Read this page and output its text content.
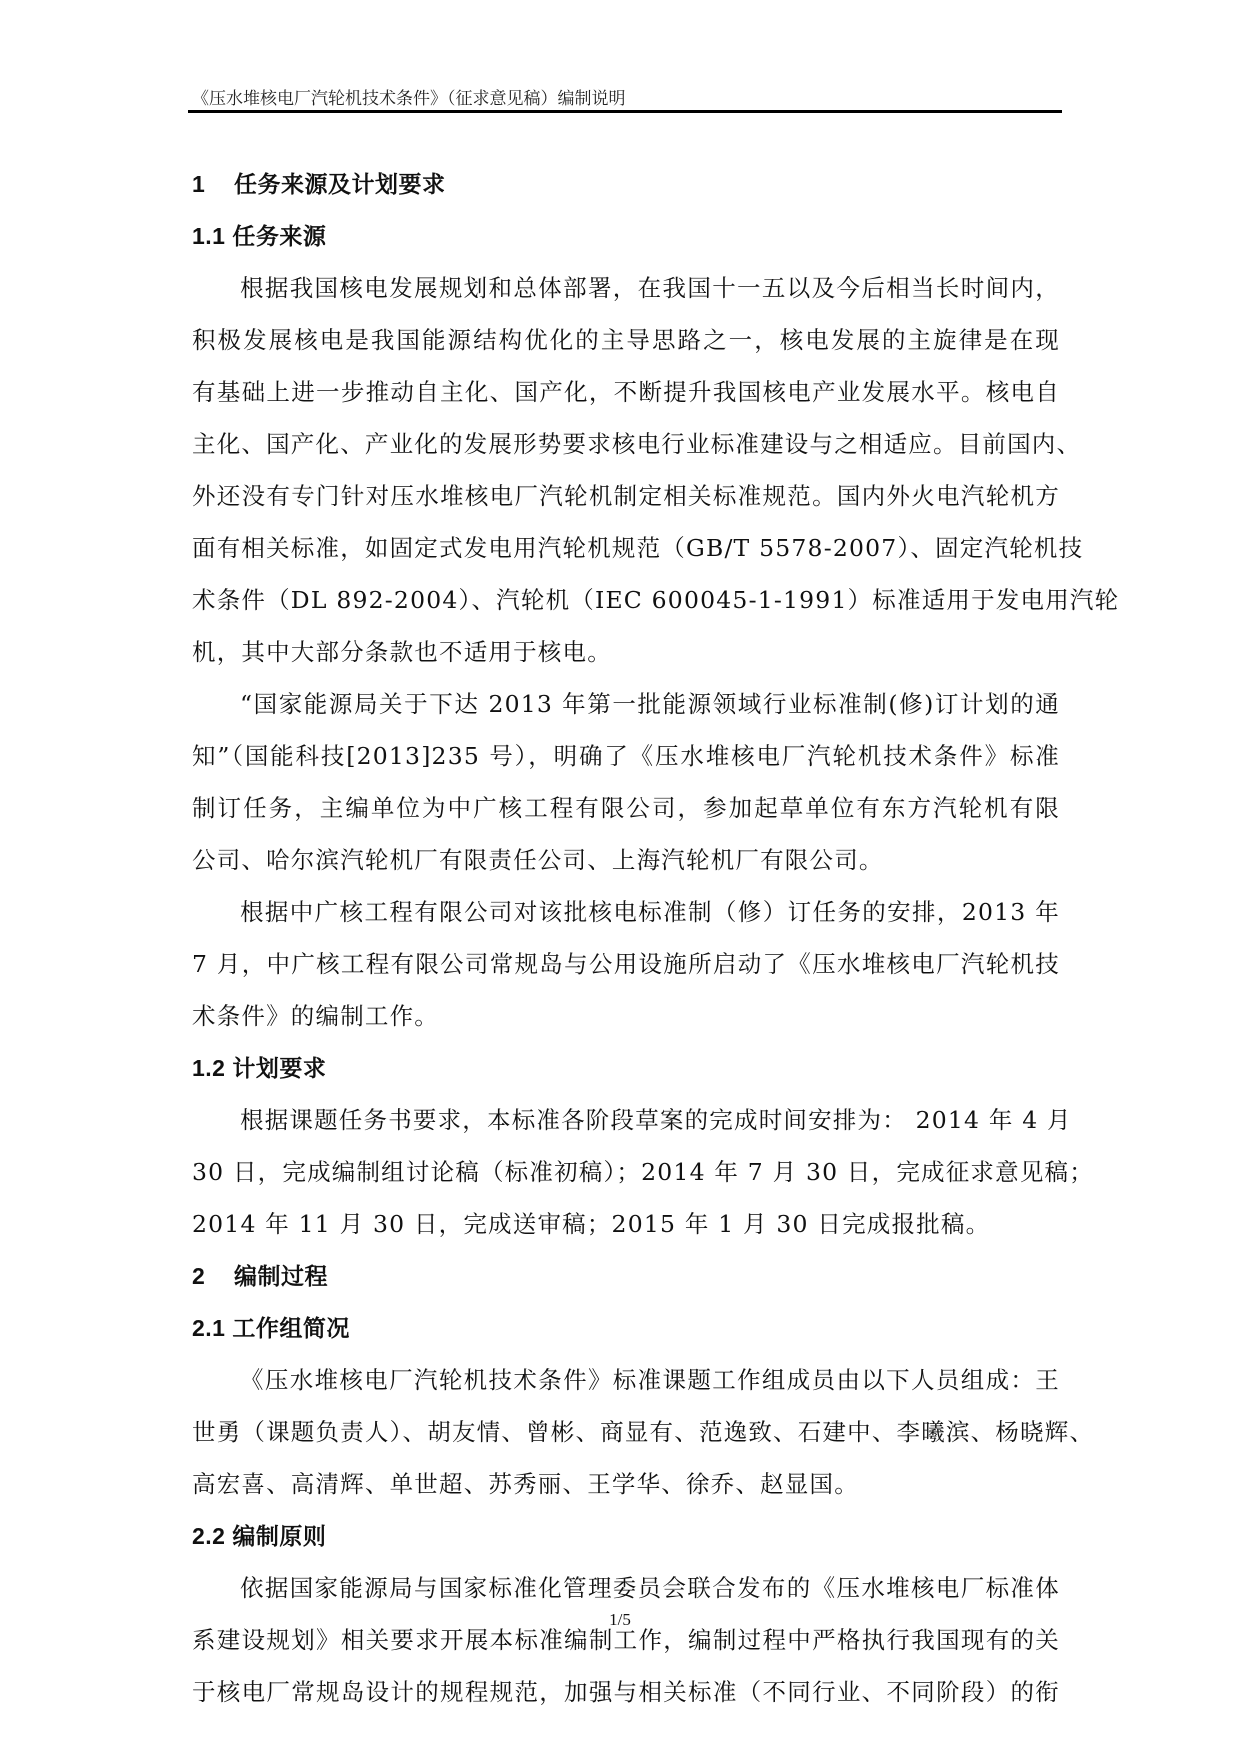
《压水堆核电厂汽轮机技术条件》（征求意见稿）编制说明
1 任务来源及计划要求
1.1 任务来源
根据我国核电发展规划和总体部署，在我国十一五以及今后相当长时间内，
积极发展核电是我国能源结构优化的主导思路之一，核电发展的主旋律是在现
有基础上进一步推动自主化、国产化，不断提升我国核电产业发展水平。核电自
主化、国产化、产业化的发展形势要求核电行业标准建设与之相适应。目前国内、
外还没有专门针对压水堆核电厂汽轮机制定相关标准规范。国内外火电汽轮机方
面有相关标准，如固定式发电用汽轮机规范（GB/T 5578-2007）、固定汽轮机技
术条件（DL 892-2004）、汽轮机（IEC 600045-1-1991）标准适用于发电用汽轮
机，其中大部分条款也不适用于核电。
“国家能源局关于下达 2013 年第一批能源领域行业标准制(修)订计划的通
知”（国能科技[2013]235 号），明确了《压水堆核电厂汽轮机技术条件》标准
制订任务，主编单位为中广核工程有限公司，参加起草单位有东方汽轮机有限
公司、哈尔滨汽轮机厂有限责任公司、上海汽轮机厂有限公司。
根据中广核工程有限公司对该批核电标准制（修）订任务的安排，2013 年
7 月，中广核工程有限公司常规岛与公用设施所启动了《压水堆核电厂汽轮机技
术条件》的编制工作。
1.2 计划要求
根据课题任务书要求，本标准各阶段草案的完成时间安排为： 2014 年 4 月
30 日，完成编制组讨论稿（标准初稿）；2014 年 7 月 30 日，完成征求意见稿；
2014 年 11 月 30 日，完成送审稿；2015 年 1 月 30 日完成报批稿。
2 编制过程
2.1 工作组简况
《压水堆核电厂汽轮机技术条件》标准课题工作组成员由以下人员组成：王
世勇（课题负责人）、胡友情、曾彬、商显有、范逸致、石建中、李曦滨、杨晓辉、
高宏喜、高清辉、单世超、苏秀丽、王学华、徐乔、赵显国。
2.2 编制原则
依据国家能源局与国家标准化管理委员会联合发布的《压水堆核电厂标准体
系建设规划》相关要求开展本标准编制工作，编制过程中严格执行我国现有的关
于核电厂常规岛设计的规程规范，加强与相关标准（不同行业、不同阶段）的衔
1/5
